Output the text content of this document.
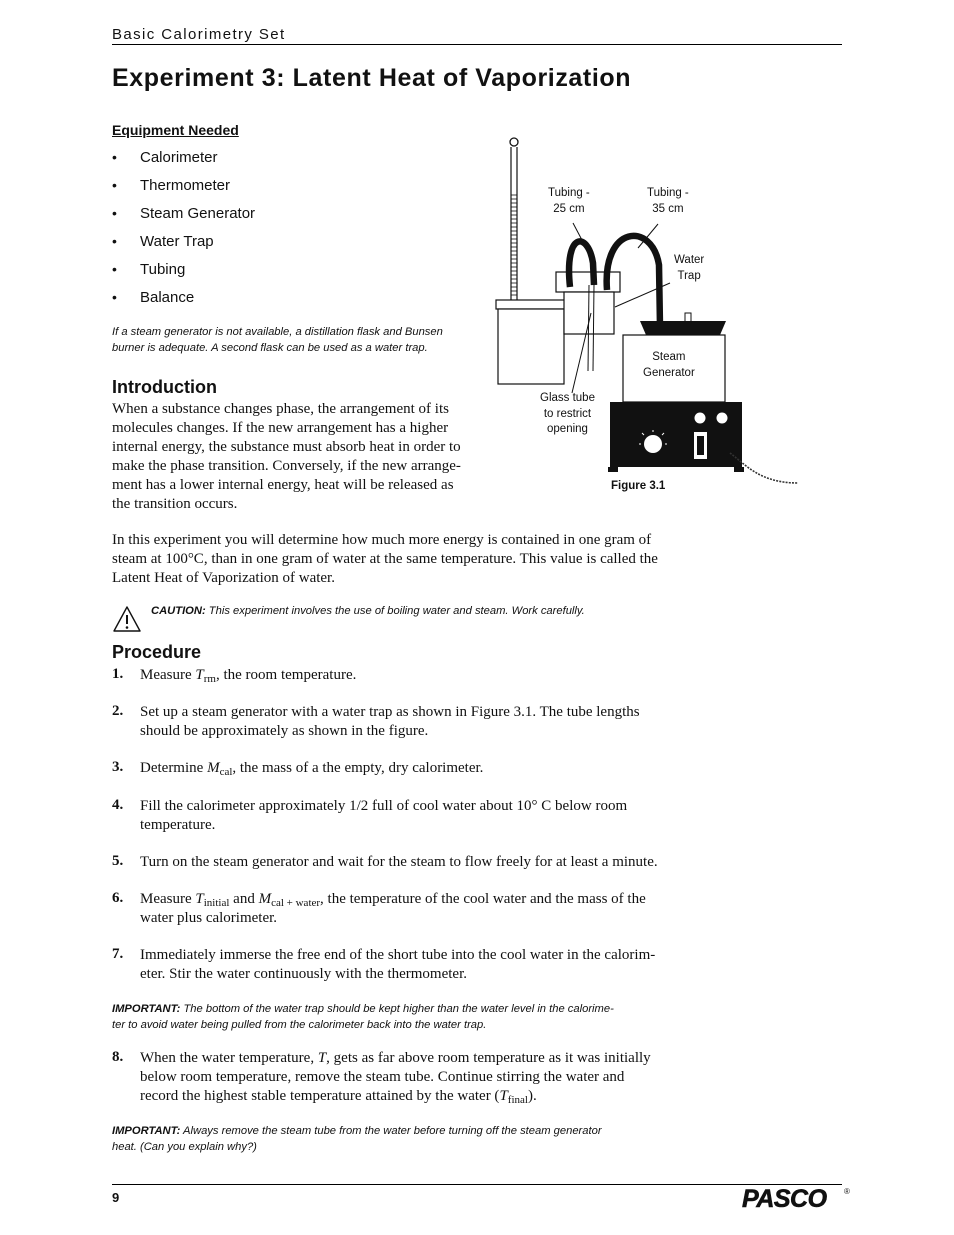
Basic Calorimetry Set
Experiment 3: Latent Heat of Vaporization
Equipment Needed
• Calorimeter
• Thermometer
• Steam Generator
• Water Trap
• Tubing
• Balance
If a steam generator is not available, a distillation flask and Bunsen
burner is adequate. A second flask can be used as a water trap.
Tubing -
25 cm
Tubing -
35 cm
Water
Trap
Steam
Generator
Glass tube
to restrict
opening
Figure 3.1
Introduction
When a substance changes phase, the arrangement of its
molecules changes. If the new arrangement has a higher
internal energy, the substance must absorb heat in order to
make the phase transition. Conversely, if the new arrange-
ment has a lower internal energy, heat will be released as
the transition occurs.
In this experiment you will determine how much more energy is contained in one gram of
steam at 100°C, than in one gram of water at the same temperature. This value is called the
Latent Heat of Vaporization of water.
CAUTION: This experiment involves the use of boiling water and steam. Work carefully.
Procedure
1. Measure $T_{rm}$, the room temperature.
2. Set up a steam generator with a water trap as shown in Figure 3.1. The tube lengths
should be approximately as shown in the figure.
3. Determine $M_{cal}$, the mass of a the empty, dry calorimeter.
4. Fill the calorimeter approximately 1/2 full of cool water about 10° C below room
temperature.
5. Turn on the steam generator and wait for the steam to flow freely for at least a minute.
6. Measure $T_{initial}$ and $M_{cal + water}$, the temperature of the cool water and the mass of the
water plus calorimeter.
7. Immediately immerse the free end of the short tube into the cool water in the calorim-
eter. Stir the water continuously with the thermometer.
IMPORTANT: The bottom of the water trap should be kept higher than the water level in the calorime-
ter to avoid water being pulled from the calorimeter back into the water trap.
8. When the water temperature, T, gets as far above room temperature as it was initially
below room temperature, remove the steam tube. Continue stirring the water and
record the highest stable temperature attained by the water $(T_{final})$.
IMPORTANT: Always remove the steam tube from the water before turning off the steam generator
heat. (Can you explain why?)
9	PASCO ®
